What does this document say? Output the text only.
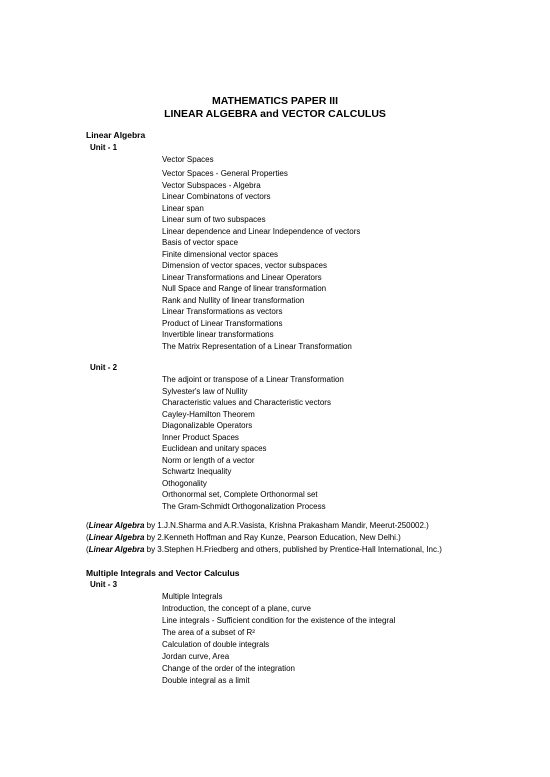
MATHEMATICS PAPER III
LINEAR ALGEBRA and VECTOR CALCULUS
Linear Algebra
Unit - 1
Vector Spaces
Vector Spaces - General Properties
Vector Subspaces - Algebra
Linear Combinatons of vectors
Linear span
Linear sum of two subspaces
Linear dependence and Linear Independence of vectors
Basis of vector space
Finite dimensional vector spaces
Dimension of vector spaces, vector subspaces
Linear Transformations and Linear Operators
Null Space and Range of linear transformation
Rank and Nullity of linear transformation
Linear Transformations as vectors
Product of Linear Transformations
Invertible linear transformations
The Matrix Representation of a Linear Transformation
Unit - 2
The adjoint or transpose of a Linear Transformation
Sylvester's law of Nullity
Characteristic values and Characteristic vectors
Cayley-Hamilton Theorem
Diagonalizable Operators
Inner Product Spaces
Euclidean and unitary spaces
Norm or length of a vector
Schwartz Inequality
Othogonality
Orthonormal set, Complete Orthonormal set
The Gram-Schmidt Orthogonalization Process
(Linear Algebra by 1.J.N.Sharma and A.R.Vasista, Krishna Prakasham Mandir, Meerut-250002.)
(Linear Algebra by 2.Kenneth Hoffman and Ray Kunze, Pearson Education, New Delhi.)
(Linear Algebra by 3.Stephen H.Friedberg and others, published by Prentice-Hall International, Inc.)
Multiple Integrals and Vector Calculus
Unit - 3
Multiple Integrals
Introduction, the concept of a plane, curve
Line integrals - Sufficient condition for the existence of the integral
The area of a subset of R²
Calculation of double integrals
Jordan curve, Area
Change of the order of the integration
Double integral as a limit
